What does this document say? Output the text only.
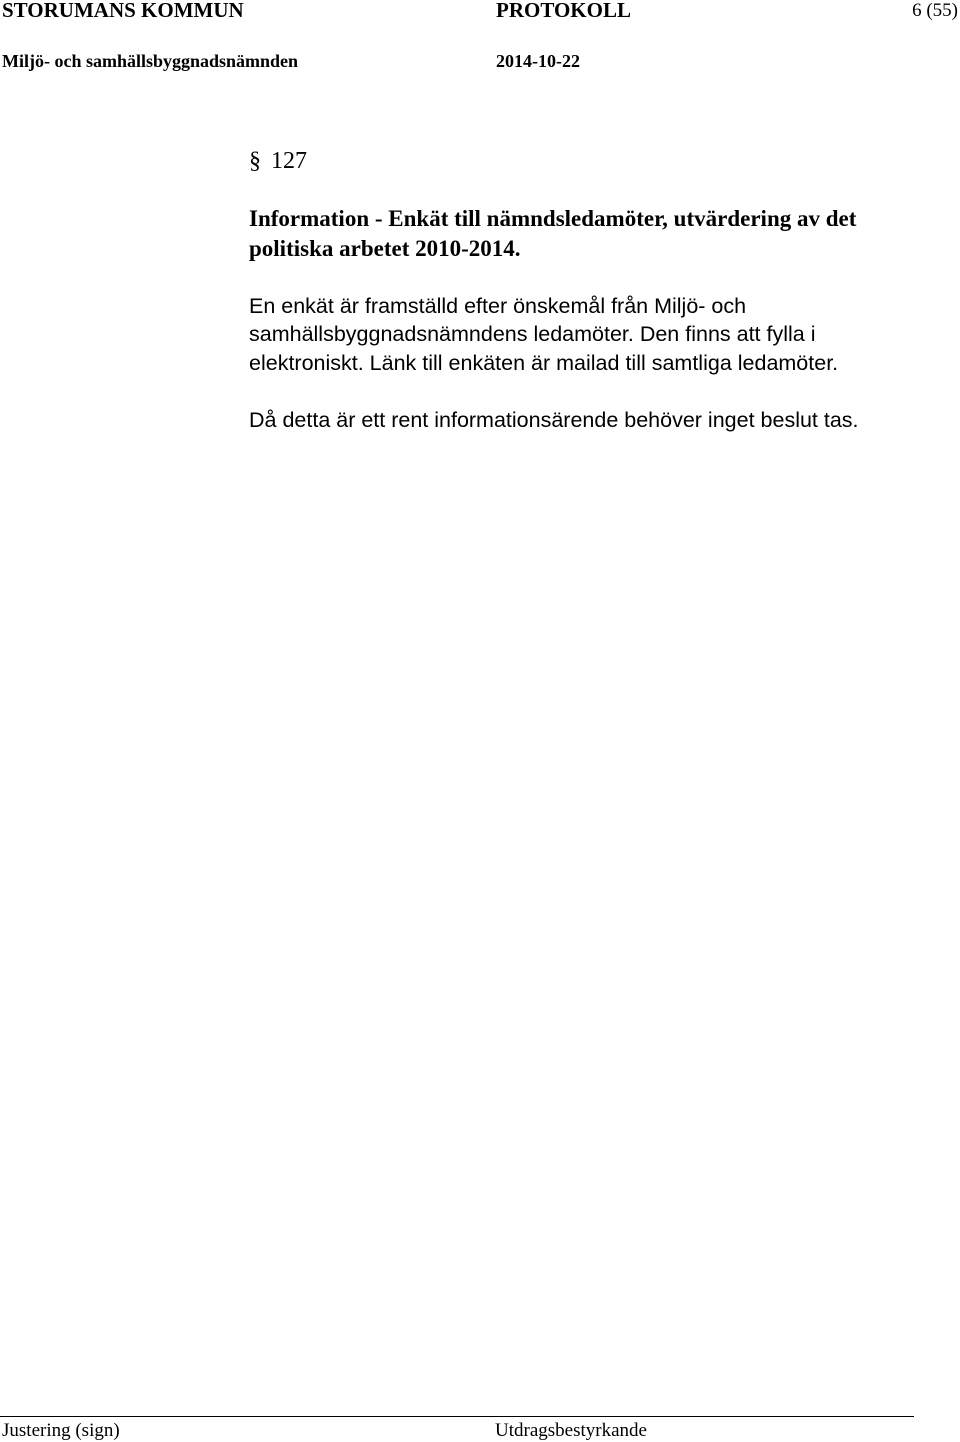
STORUMANS KOMMUN	PROTOKOLL	6 (55)
Miljö- och samhällsbyggnadsnämnden	2014-10-22
§ 127
Information - Enkät till nämndsledamöter, utvärdering av det
politiska arbetet 2010-2014.
En enkät är framställd efter önskemål från Miljö- och
samhällsbyggnadsnämndens ledamöter. Den finns att fylla i
elektroniskt. Länk till enkäten är mailad till samtliga ledamöter.
Då detta är ett rent informationsärende behöver inget beslut tas.
Justering (sign)	Utdragsbestyrkande
